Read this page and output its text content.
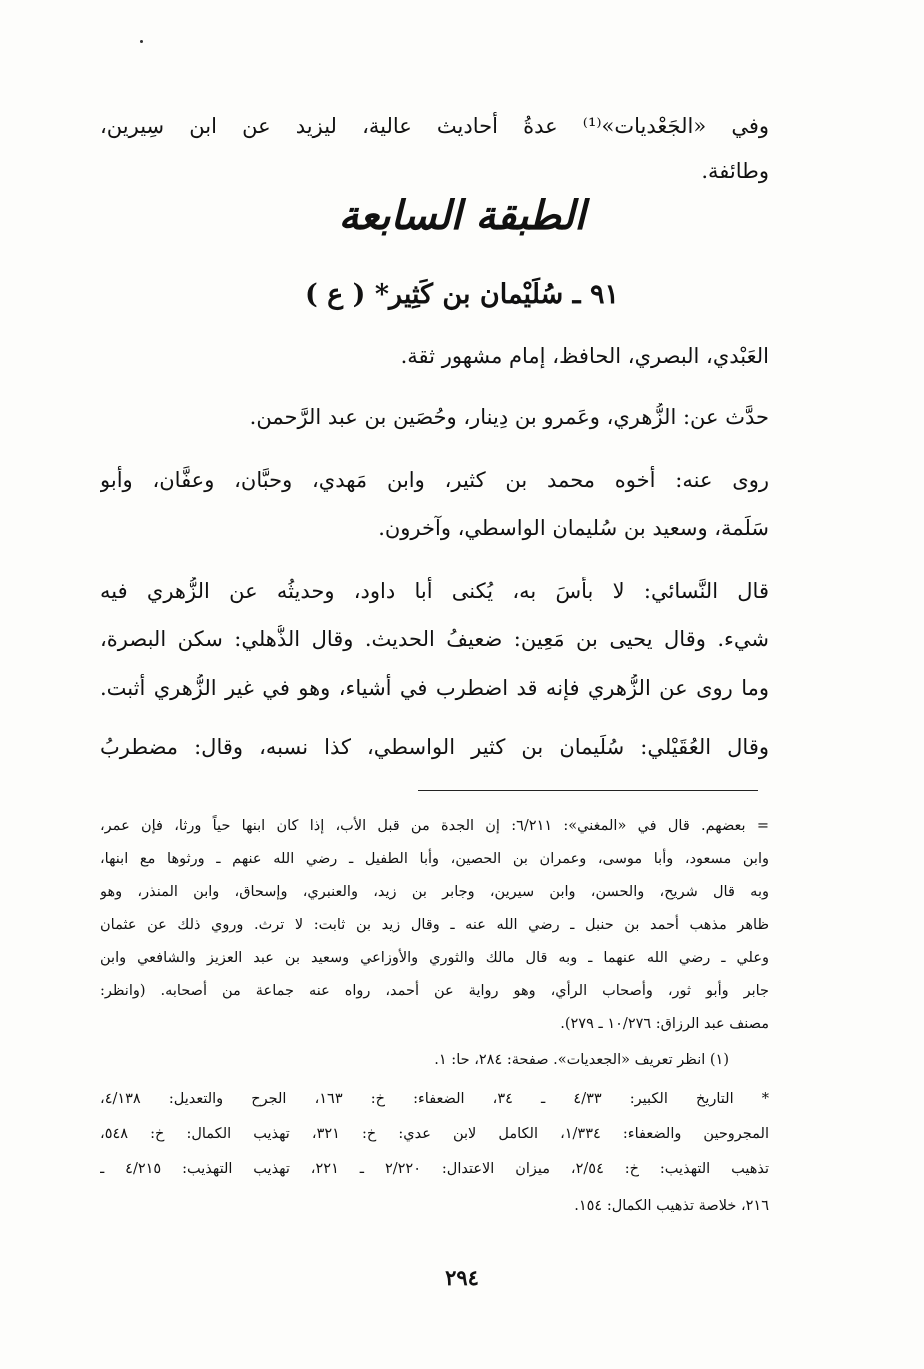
وفي «الجَعْديات»⁽¹⁾ عدةُ أحاديث عالية، ليزيد عن ابن سِيرين،
وطائفة.
الطبقة السابعة
٩١ ـ سُلَيْمان بن كَثِير* ( ع )
العَبْدي، البصري، الحافظ، إمام مشهور ثقة.
حدَّث عن: الزُّهري، وعَمرو بن دِينار، وحُصَين بن عبد الرَّحمن.
روى عنه: أخوه محمد بن كثير، وابن مَهدي، وحبَّان، وعفَّان، وأبو
سَلَمة، وسعيد بن سُليمان الواسطي، وآخرون.
قال النَّسائي: لا بأسَ به، يُكنى أبا داود، وحديثُه عن الزُّهري فيه
شيء. وقال يحيى بن مَعِين: ضعيفُ الحديث. وقال الذُّهلي: سكن البصرة،
وما روى عن الزُّهري فإنه قد اضطرب في أشياء، وهو في غير الزُّهري أثبت.
وقال العُقَيْلي: سُلَيمان بن كثير الواسطي، كذا نسبه، وقال: مضطربُ
= بعضهم. قال في «المغني»: ٦/٢١١: إن الجدة من قبل الأب، إذا كان ابنها حياً ورثا، فإن عمر،
وابن مسعود، وأبا موسى، وعمران بن الحصين، وأبا الطفيل ـ رضي الله عنهم ـ ورثوها مع ابنها،
وبه قال شريح، والحسن، وابن سيرين، وجابر بن زيد، والعنبري، وإسحاق، وابن المنذر، وهو
ظاهر مذهب أحمد بن حنبل ـ رضي الله عنه ـ وقال زيد بن ثابت: لا ترث. وروي ذلك عن عثمان
وعلي ـ رضي الله عنهما ـ وبه قال مالك والثوري والأوزاعي وسعيد بن عبد العزيز والشافعي وابن
جابر وأبو ثور، وأصحاب الرأي، وهو رواية عن أحمد، رواه عنه جماعة من أصحابه. (وانظر:
مصنف عبد الرزاق: ١٠/٢٧٦ ـ ٢٧٩).
(١) انظر تعريف «الجعديات». صفحة: ٢٨٤، حا: ١.
* التاريخ الكبير: ٤/٣٣ ـ ٣٤، الضعفاء: خ: ١٦٣، الجرح والتعديل: ٤/١٣٨،
المجروحين والضعفاء: ١/٣٣٤، الكامل لابن عدي: خ: ٣٢١، تهذيب الكمال: خ: ٥٤٨،
تذهيب التهذيب: خ: ٢/٥٤، ميزان الاعتدال: ٢/٢٢٠ ـ ٢٢١، تهذيب التهذيب: ٤/٢١٥ ـ
٢١٦، خلاصة تذهيب الكمال: ١٥٤.
٢٩٤
